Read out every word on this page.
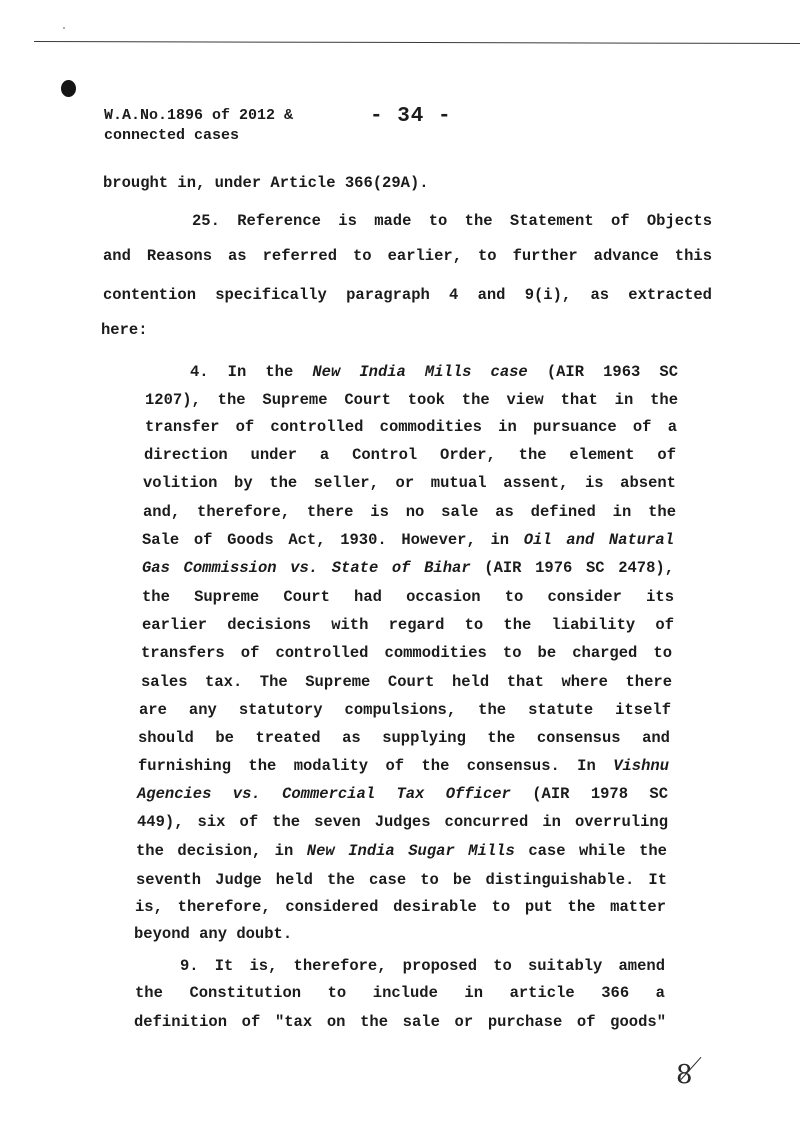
W.A.No.1896 of 2012 &
connected cases
- 34 -
brought in, under Article 366(29A).
25. Reference is made to the Statement of Objects
and Reasons as referred to earlier, to further advance this
contention specifically paragraph 4 and 9(i), as extracted
here:
4. In the New India Mills case (AIR 1963 SC
1207), the Supreme Court took the view that in the
transfer of controlled commodities in pursuance of a
direction under a Control Order, the element of
volition by the seller, or mutual assent, is absent
and, therefore, there is no sale as defined in the
Sale of Goods Act, 1930. However, in Oil and Natural
Gas Commission vs. State of Bihar (AIR 1976 SC 2478),
the Supreme Court had occasion to consider its
earlier decisions with regard to the liability of
transfers of controlled commodities to be charged to
sales tax. The Supreme Court held that where there
are any statutory compulsions, the statute itself
should be treated as supplying the consensus and
furnishing the modality of the consensus. In Vishnu
Agencies vs. Commercial Tax Officer (AIR 1978 SC
449), six of the seven Judges concurred in overruling
the decision, in New India Sugar Mills case while the
seventh Judge held the case to be distinguishable. It
is, therefore, considered desirable to put the matter
beyond any doubt.
9. It is, therefore, proposed to suitably amend
the Constitution to include in article 366 a
definition of "tax on the sale or purchase of goods"
8
